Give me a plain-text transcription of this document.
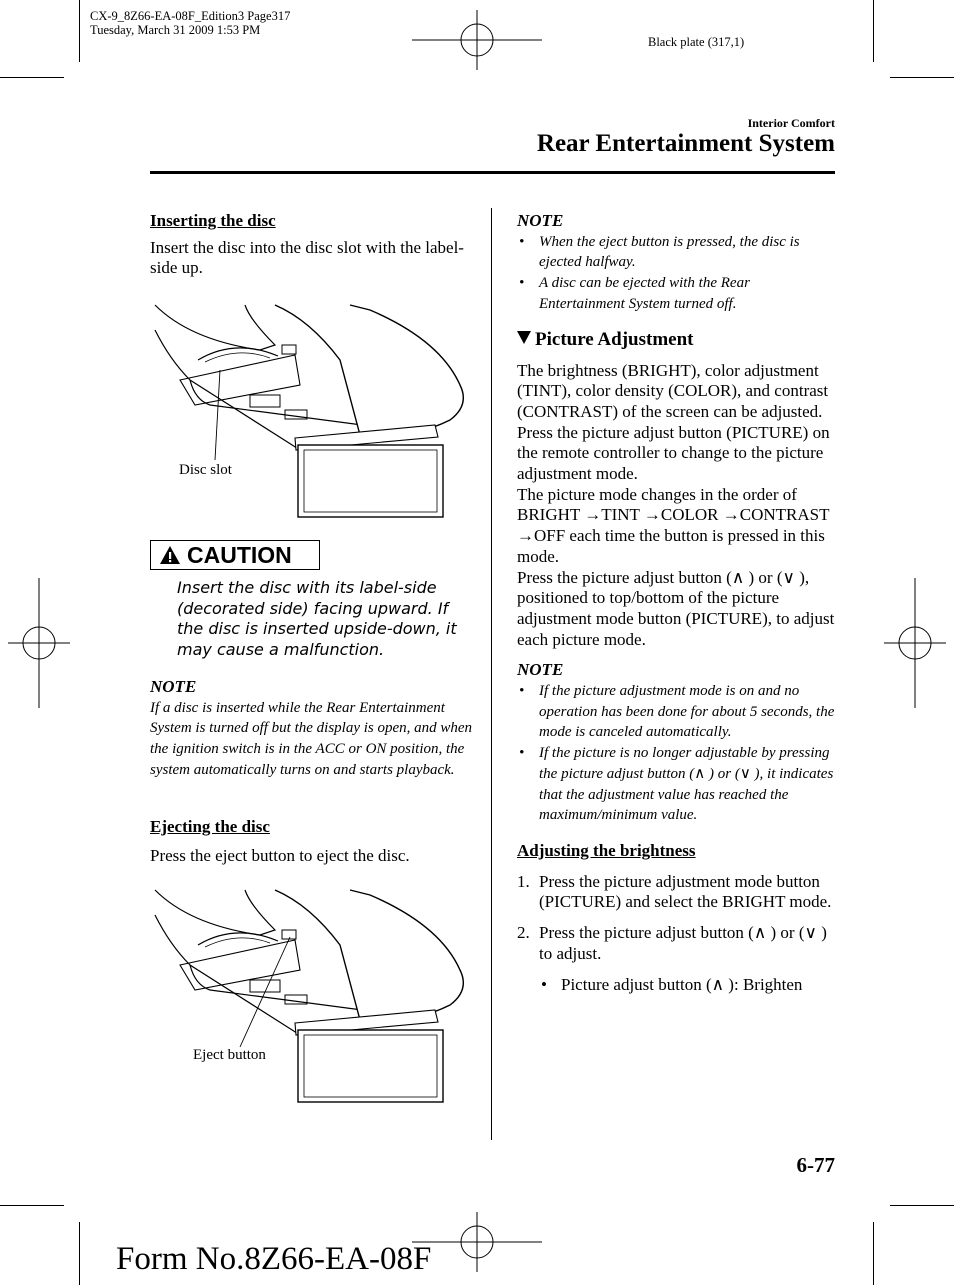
CX-9_8Z66-EA-08F_Edition3 Page317
Tuesday, March 31 2009 1:53 PM
Black plate (317,1)
Interior Comfort
Rear Entertainment System
Inserting the disc
Insert the disc into the disc slot with the label-side up.
Disc slot
CAUTION
Insert the disc with its label-side (decorated side) facing upward. If the disc is inserted upside-down, it may cause a malfunction.
NOTE
If a disc is inserted while the Rear Entertainment System is turned off but the display is open, and when the ignition switch is in the ACC or ON position, the system automatically turns on and starts playback.
Ejecting the disc
Press the eject button to eject the disc.
Eject button
NOTE
• When the eject button is pressed, the disc is ejected halfway.
• A disc can be ejected with the Rear Entertainment System turned off.
Picture Adjustment
The brightness (BRIGHT), color adjustment (TINT), color density (COLOR), and contrast (CONTRAST) of the screen can be adjusted.
Press the picture adjust button (PICTURE) on the remote controller to change to the picture adjustment mode.
The picture mode changes in the order of BRIGHT →TINT →COLOR →CONTRAST →OFF each time the button is pressed in this mode.
Press the picture adjust button (∧ ) or (∨ ), positioned to top/bottom of the picture adjustment mode button (PICTURE), to adjust each picture mode.
NOTE
• If the picture adjustment mode is on and no operation has been done for about 5 seconds, the mode is canceled automatically.
• If the picture is no longer adjustable by pressing the picture adjust button (∧ ) or (∨ ), it indicates that the adjustment value has reached the maximum/minimum value.
Adjusting the brightness
1. Press the picture adjustment mode button (PICTURE) and select the BRIGHT mode.
2. Press the picture adjust button (∧ ) or (∨ ) to adjust.
• Picture adjust button (∧ ): Brighten
6-77
Form No.8Z66-EA-08F
